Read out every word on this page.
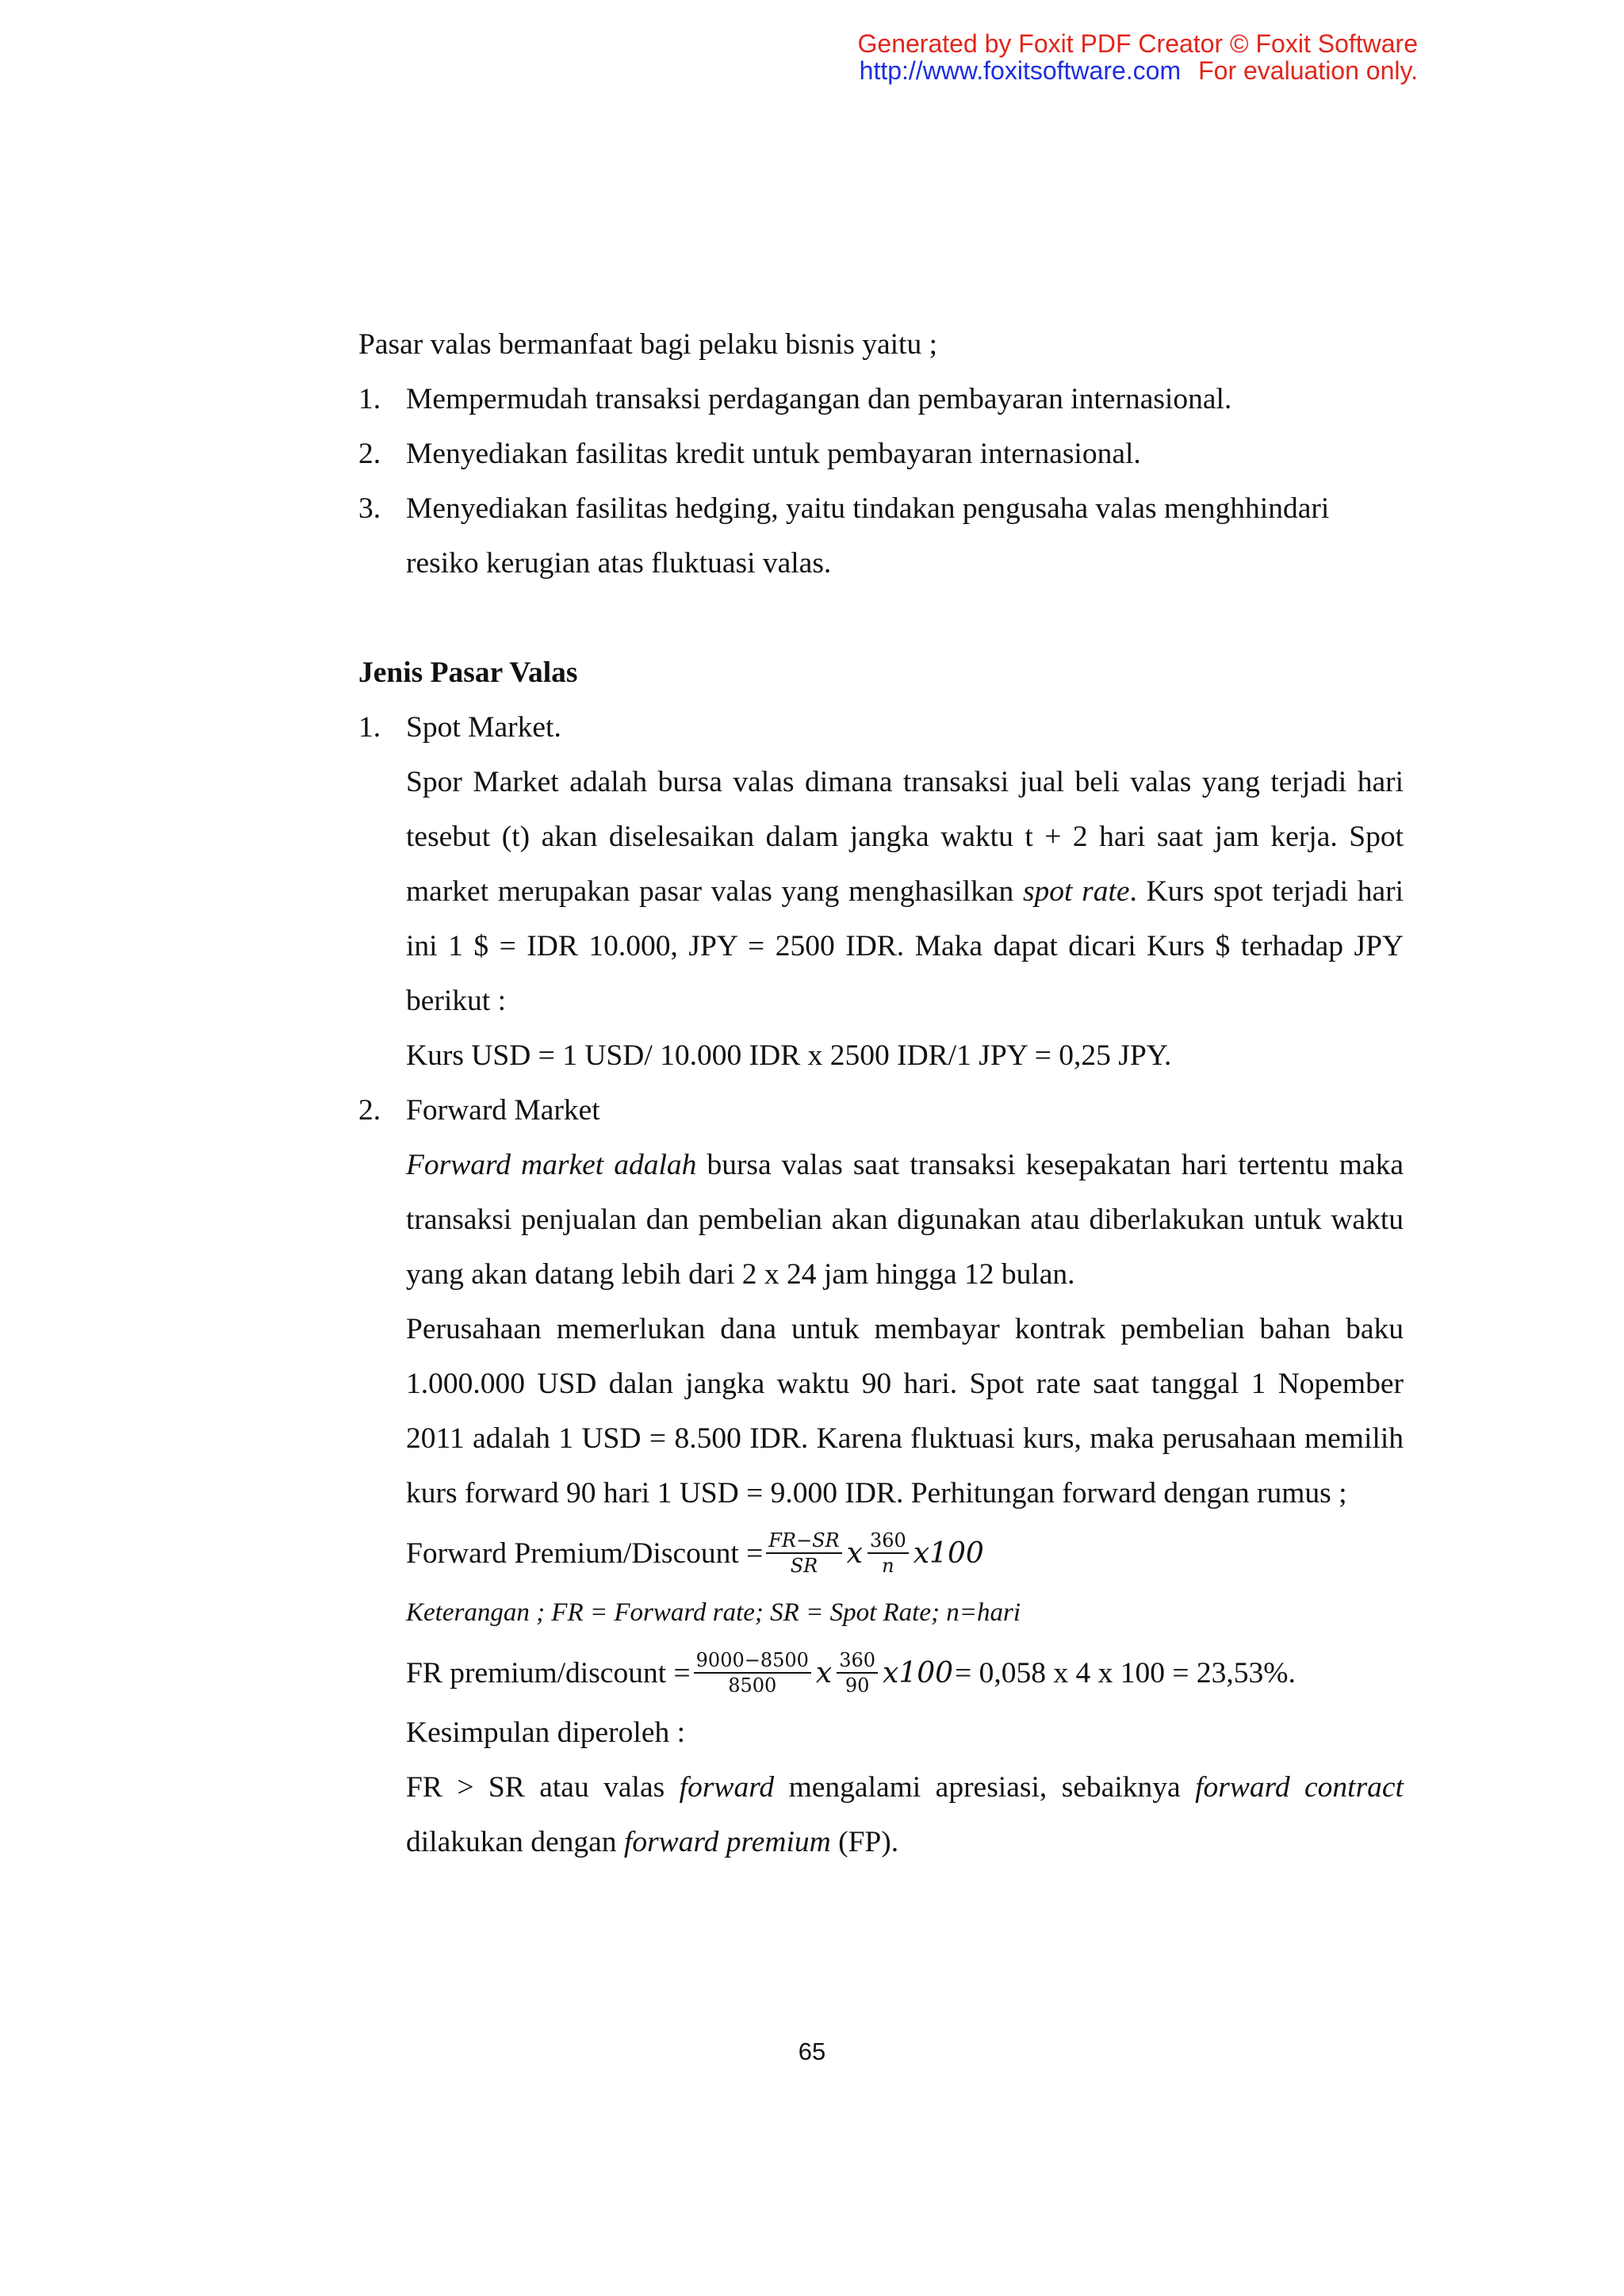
Generated by Foxit PDF Creator © Foxit Software
http://www.foxitsoftware.com For evaluation only.

Pasar valas bermanfaat bagi pelaku bisnis yaitu ;

1. Mempermudah transaksi perdagangan dan pembayaran internasional.
2. Menyediakan fasilitas kredit untuk pembayaran internasional.
3. Menyediakan fasilitas hedging, yaitu tindakan pengusaha valas menghhindari
resiko kerugian atas fluktuasi valas.

Jenis Pasar Valas

1. Spot Market.

Spor Market adalah bursa valas dimana transaksi jual beli valas yang terjadi hari tesebut (t) akan diselesaikan dalam jangka waktu t + 2 hari saat jam kerja. Spot market merupakan pasar valas yang menghasilkan spot rate. Kurs spot terjadi hari ini 1 $ = IDR 10.000, JPY = 2500 IDR. Maka dapat dicari Kurs $ terhadap JPY berikut :

Kurs USD = 1 USD/ 10.000 IDR x 2500 IDR/1 JPY = 0,25 JPY.

2. Forward Market

Forward market adalah bursa valas saat transaksi kesepakatan hari tertentu maka transaksi penjualan dan pembelian akan digunakan atau diberlakukan untuk waktu yang akan datang lebih dari 2 x 24 jam hingga 12 bulan.

Perusahaan memerlukan dana untuk membayar kontrak pembelian bahan baku 1.000.000 USD dalan jangka waktu 90 hari. Spot rate saat tanggal 1 Nopember 2011 adalah 1 USD = 8.500 IDR. Karena fluktuasi kurs, maka perusahaan memilih kurs forward 90 hari 1 USD = 9.000 IDR. Perhitungan forward dengan rumus ;

Forward Premium/Discount = $\frac{FR-SR}{SR}$ x $\frac{360}{n} x100$

Keterangan ; FR = Forward rate; SR = Spot Rate; n=hari

FR premium/discount = $\frac{9000-8500}{8500}$ x $\frac{360}{90} x100 = 0,058$ x 4 x 100 = 23,53%.

Kesimpulan diperoleh :

FR > SR atau valas forward mengalami apresiasi, sebaiknya forward contract dilakukan dengan forward premium (FP).

65
